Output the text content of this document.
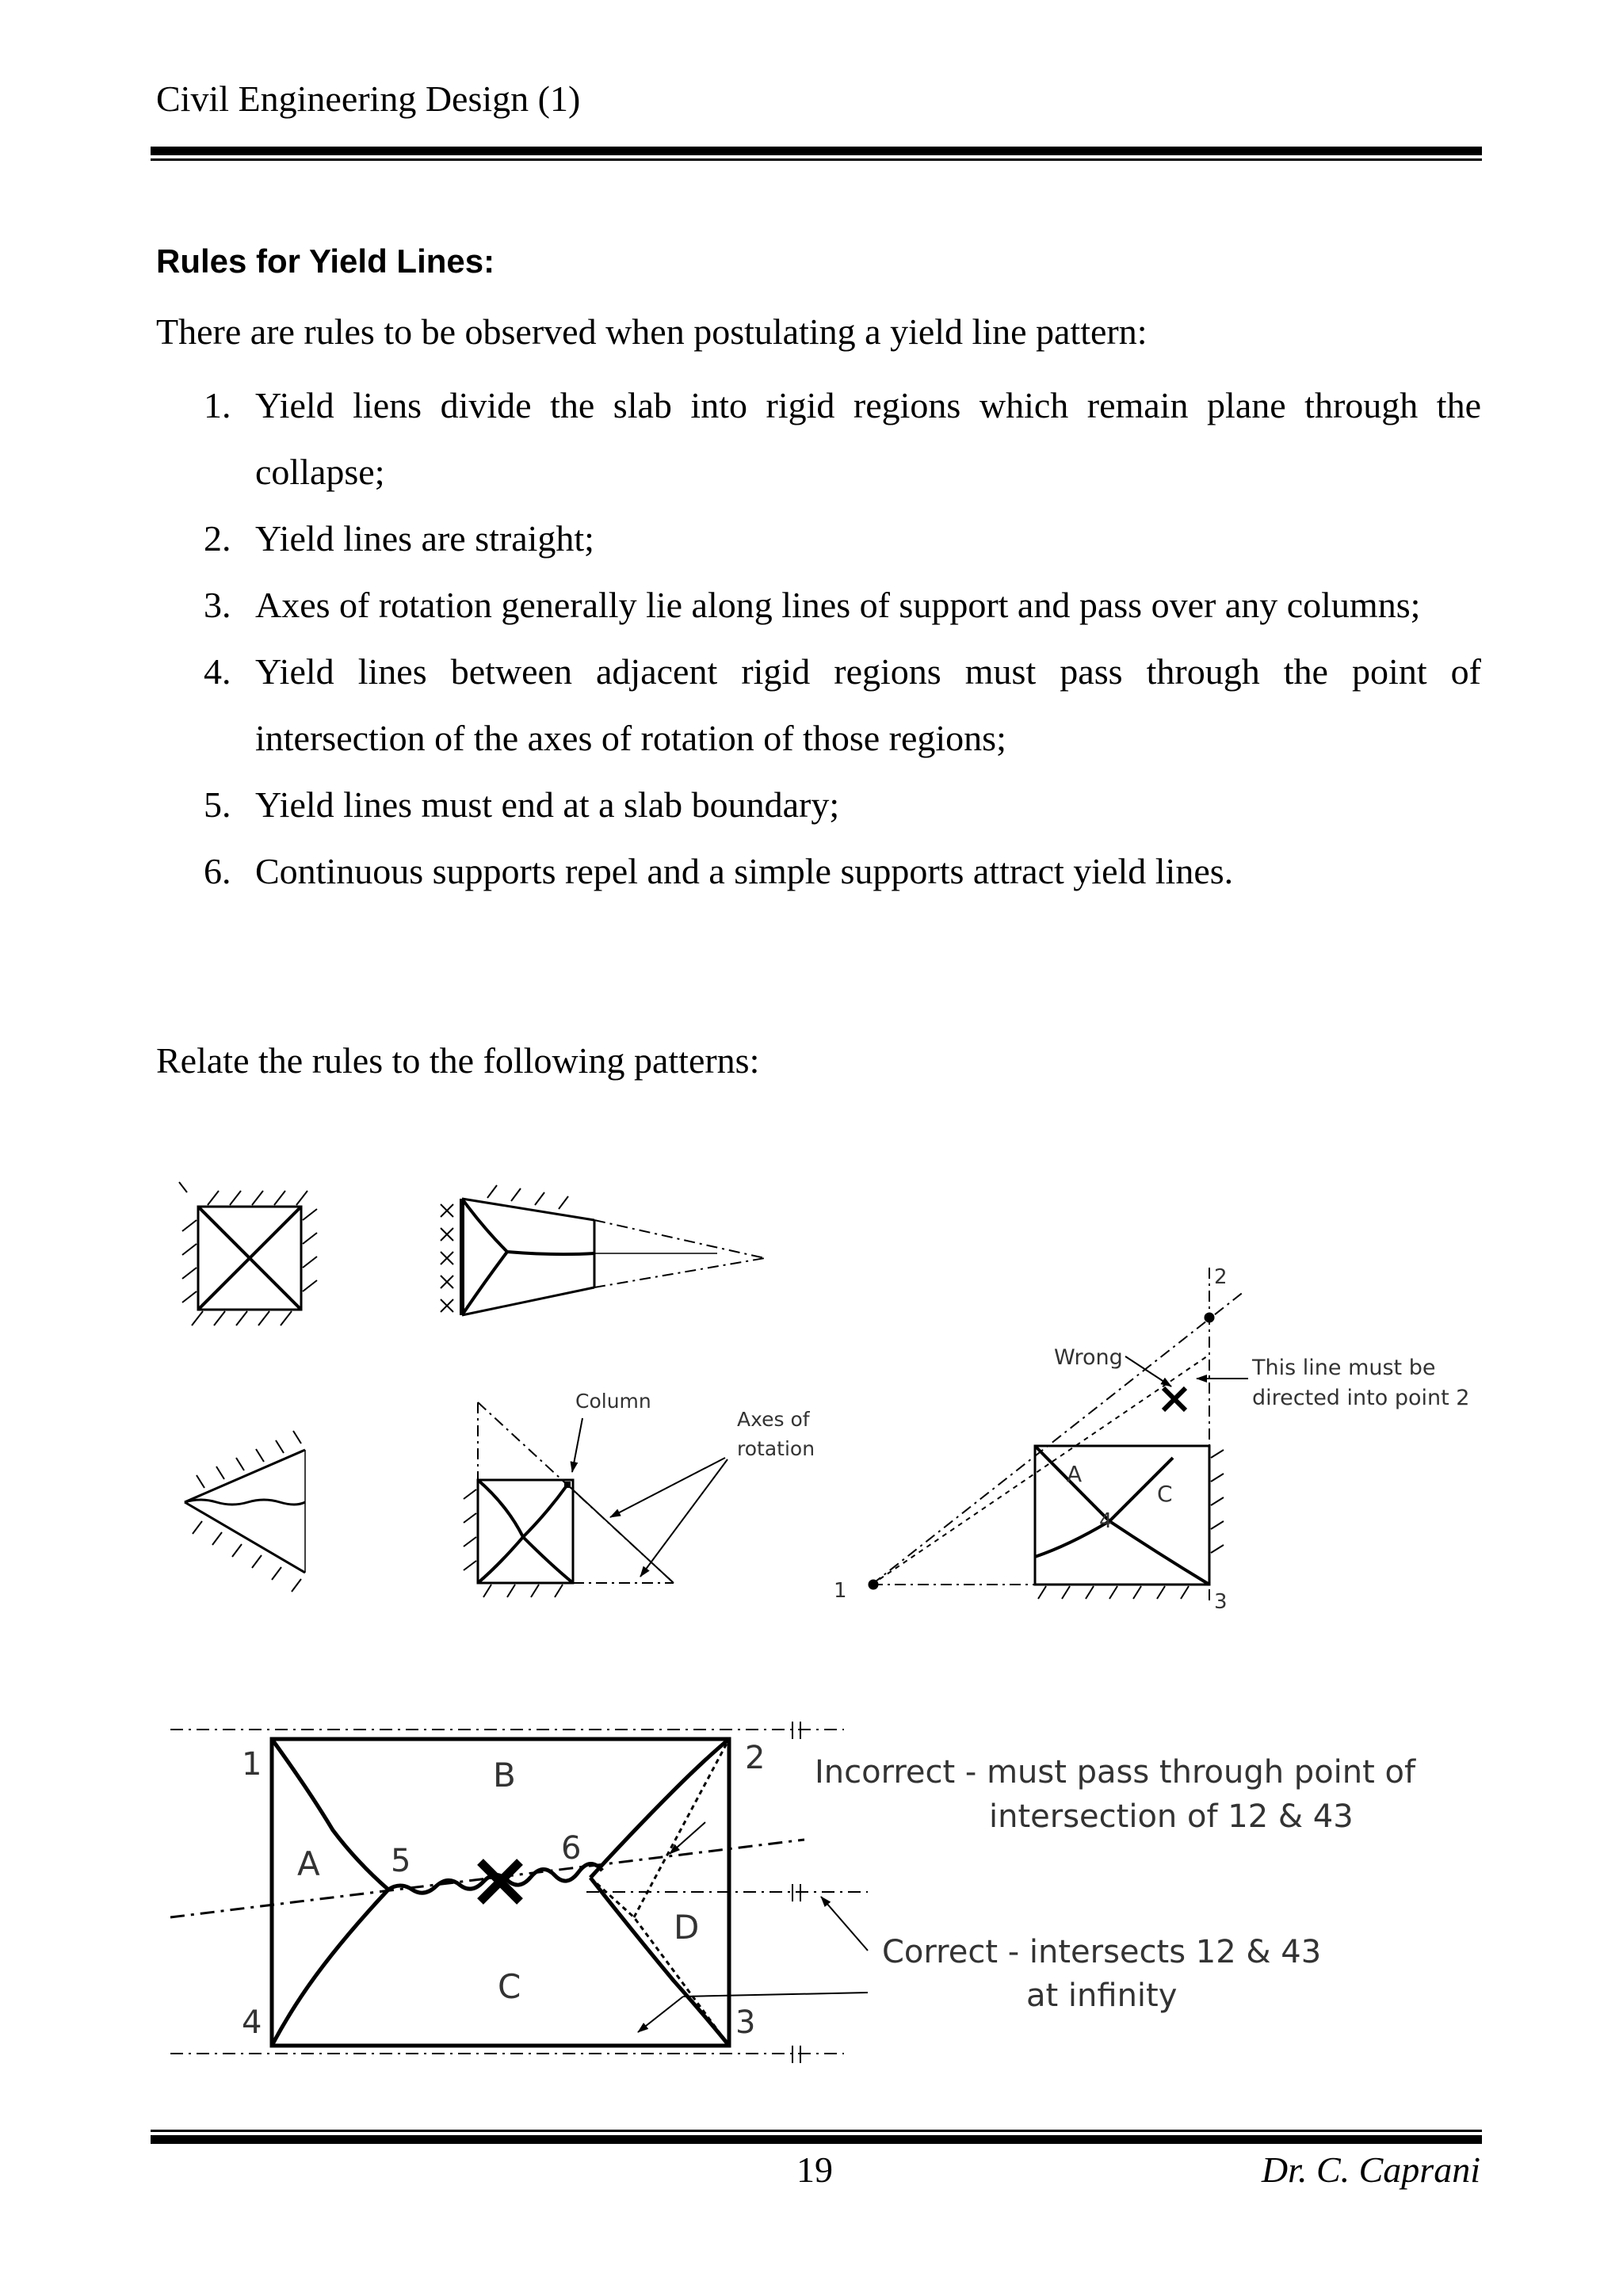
Civil Engineering Design (1)
Rules for Yield Lines:
There are rules to be observed when postulating a yield line pattern:
1. Yield liens divide the slab into rigid regions which remain plane through the collapse;
2. Yield lines are straight;
3. Axes of rotation generally lie along lines of support and pass over any columns;
4. Yield lines between adjacent rigid regions must pass through the point of intersection of the axes of rotation of those regions;
5. Yield lines must end at a slab boundary;
6. Continuous supports repel and a simple supports attract yield lines.
Relate the rules to the following patterns:
Column
Axes of
rotation
Wrong	This line must be
directed into point 2
2
1	3
4
A
C
1	2
3
4
5	6
A
B
C
D
Incorrect - must pass through point of
intersection of 12 & 43
Correct - intersects 12 & 43
at infinity
19	Dr. C. Caprani
